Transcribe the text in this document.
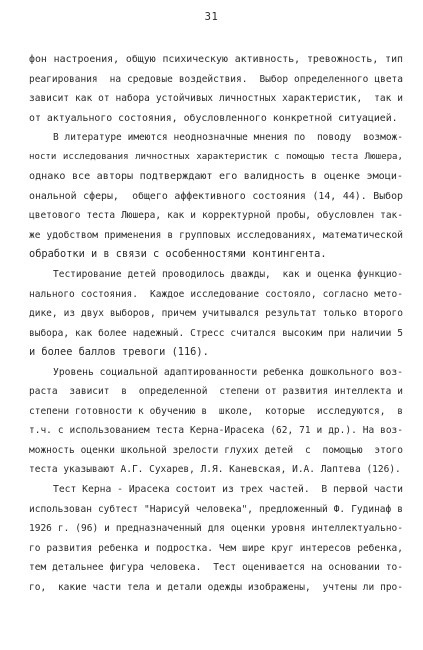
31
фон настроения, общую психическую активность, тревожность, тип
реагирования  на средовые воздействия.  Выбор определенного цвета
зависит как от набора устойчивых личностных характеристик,  так и
от актуального состояния, обусловленного конкретной ситуацией.
В литературе имеются неоднозначные мнения по  поводу  возмож-
ности исследования личностных характеристик с помощью теста Люшера,
однако все авторы подтверждают его валидность в оценке эмоци-
ональной сферы,  общего аффективного состояния (14, 44). Выбор
цветового теста Люшера, как и корректурной пробы, обусловлен так-
же удобством применения в групповых исследованиях, математической
обработки и в связи с особенностями контингента.
Тестирование детей проводилось дважды,  как и оценка функцио-
нального состояния.  Каждое исследование состояло, согласно мето-
дике, из двух выборов, причем учитывался результат только второго
выбора, как более надежный. Стресс считался высоким при наличии 5
и более баллов тревоги (116).
Уровень социальной адаптированности ребенка дошкольного воз-
раста  зависит  в  определенной  степени от развития интеллекта и
степени готовности к обучению в  школе,  которые  исследуются,  в
т.ч. с использованием теста Керна-Ирасека (62, 71 и др.). На воз-
можность оценки школьной зрелости глухих детей  с  помощью  этого
теста указывают А.Г. Сухарев, Л.Я. Каневская, И.А. Лаптева (126).
Тест Керна - Ирасека состоит из трех частей.  В первой части
использован субтест "Нарисуй человека", предложенный Ф. Гудинаф в
1926 г. (96) и предназначенный для оценки уровня интеллектуально-
го развития ребенка и подростка. Чем шире круг интересов ребенка,
тем детальнее фигура человека.  Тест оценивается на основании то-
го,  какие части тела и детали одежды изображены,  учтены ли про-
